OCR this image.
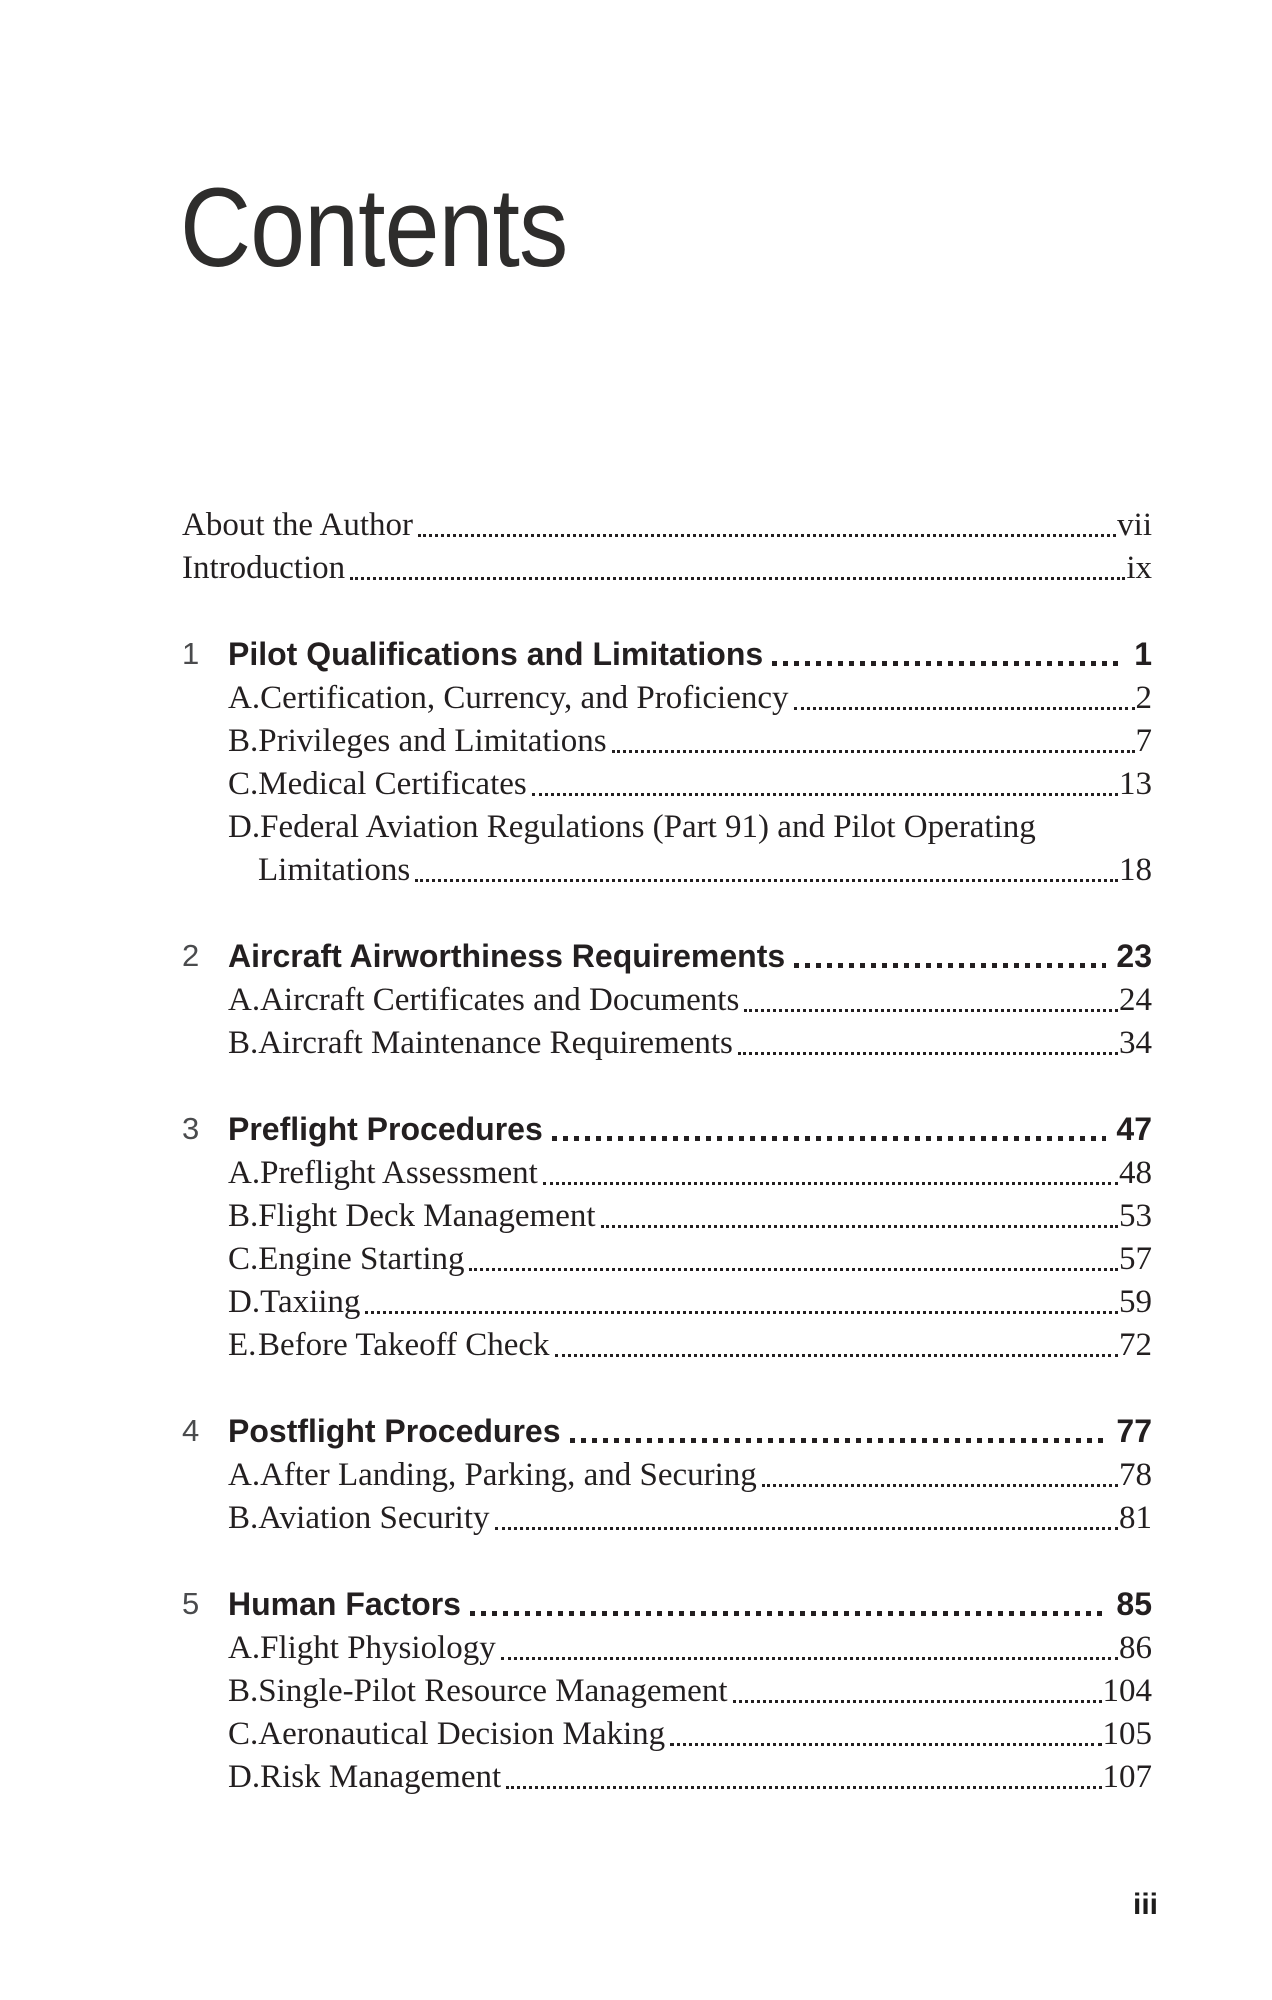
Contents
About the Author	vii
Introduction	ix
1 Pilot Qualifications and Limitations	1
A. Certification, Currency, and Proficiency	2
B. Privileges and Limitations	7
C. Medical Certificates	13
D. Federal Aviation Regulations (Part 91) and Pilot Operating
Limitations	18
2 Aircraft Airworthiness Requirements	23
A. Aircraft Certificates and Documents	24
B. Aircraft Maintenance Requirements	34
3 Preflight Procedures	47
A. Preflight Assessment	48
B. Flight Deck Management	53
C. Engine Starting	57
D. Taxiing	59
E. Before Takeoff Check	72
4 Postflight Procedures	77
A. After Landing, Parking, and Securing	78
B. Aviation Security	81
5 Human Factors	85
A. Flight Physiology	86
B. Single-Pilot Resource Management	104
C. Aeronautical Decision Making	105
D. Risk Management	107
iii
